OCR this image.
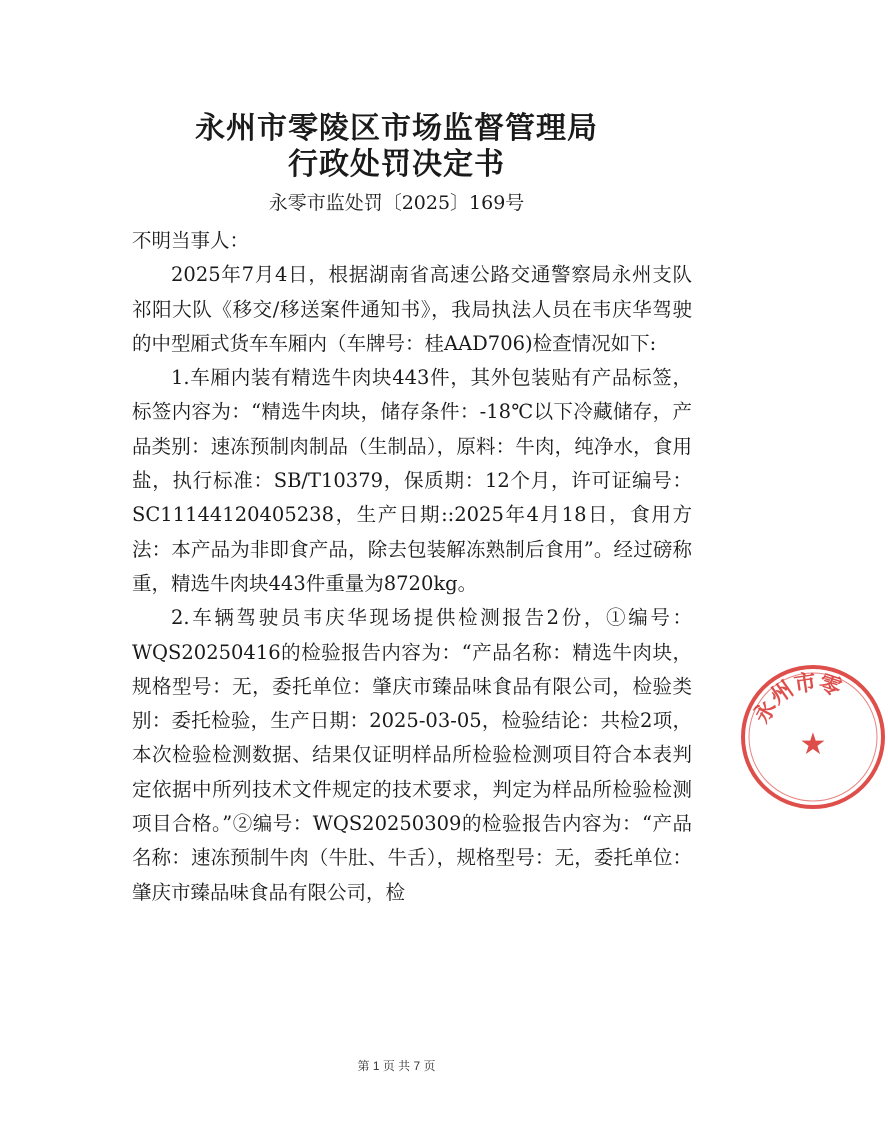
永州市零陵区市场监督管理局
行政处罚决定书
永零市监处罚〔2025〕169号

不明当事人：

2025年7月4日，根据湖南省高速公路交通警察局永州支队祁阳大队《移交/移送案件通知书》，我局执法人员在韦庆华驾驶的中型厢式货车车厢内（车牌号：桂AAD706)检查情况如下:

1.车厢内装有精选牛肉块443件，其外包装贴有产品标签，标签内容为：“精选牛肉块，储存条件：-18℃以下冷藏储存，产品类别：速冻预制肉制品（生制品），原料：牛肉，纯净水，食用盐，执行标准：SB/T10379，保质期：12个月，许可证编号：SC11144120405238，生产日期::2025年4月18日，食用方法：本产品为非即食产品，除去包装解冻熟制后食用”。经过磅称重，精选牛肉块443件重量为8720kg。

2.车辆驾驶员韦庆华现场提供检测报告2份，①编号：WQS20250416的检验报告内容为：“产品名称：精选牛肉块，规格型号：无，委托单位：肇庆市臻品味食品有限公司，检验类别：委托检验，生产日期：2025-03-05，检验结论：共检2项，本次检验检测数据、结果仅证明样品所检验检测项目符合本表判定依据中所列技术文件规定的技术要求，判定为样品所检验检测项目合格。”②编号：WQS20250309的检验报告内容为：“产品名称：速冻预制牛肉（牛肚、牛舌），规格型号：无，委托单位：肇庆市臻品味食品有限公司，检

永州市零
★
第 1 页 共 7 页
